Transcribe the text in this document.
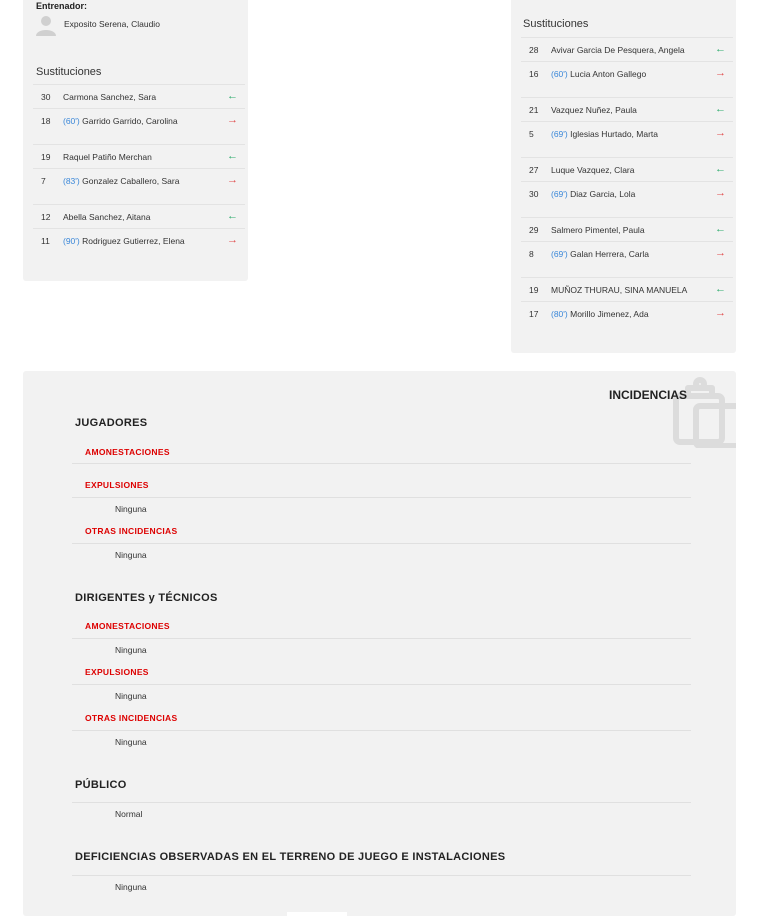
Entrenador:
Exposito Serena, Claudio
Sustituciones
30 Carmona Sanchez, Sara	←
18 (60') Garrido Garrido, Carolina	→
19 Raquel Patiño Merchan	←
7 (83') Gonzalez Caballero, Sara	→
12 Abella Sanchez, Aitana	←
11 (90') Rodriguez Gutierrez, Elena	→
Sustituciones
28 Avivar Garcia De Pesquera, Angela	←
16 (60') Lucia Anton Gallego	→
21 Vazquez Nuñez, Paula	←
5 (69') Iglesias Hurtado, Marta	→
27 Luque Vazquez, Clara	←
30 (69') Diaz Garcia, Lola	→
29 Salmero Pimentel, Paula	←
8 (69') Galan Herrera, Carla	→
19 MUÑOZ THURAU, SINA MANUELA	←
17 (80') Morillo Jimenez, Ada	→
INCIDENCIAS
JUGADORES
AMONESTACIONES
EXPULSIONES
Ninguna
OTRAS INCIDENCIAS
Ninguna
DIRIGENTES y TÉCNICOS
AMONESTACIONES
Ninguna
EXPULSIONES
Ninguna
OTRAS INCIDENCIAS
Ninguna
PÚBLICO
Normal
DEFICIENCIAS OBSERVADAS EN EL TERRENO DE JUEGO E INSTALACIONES
Ninguna
